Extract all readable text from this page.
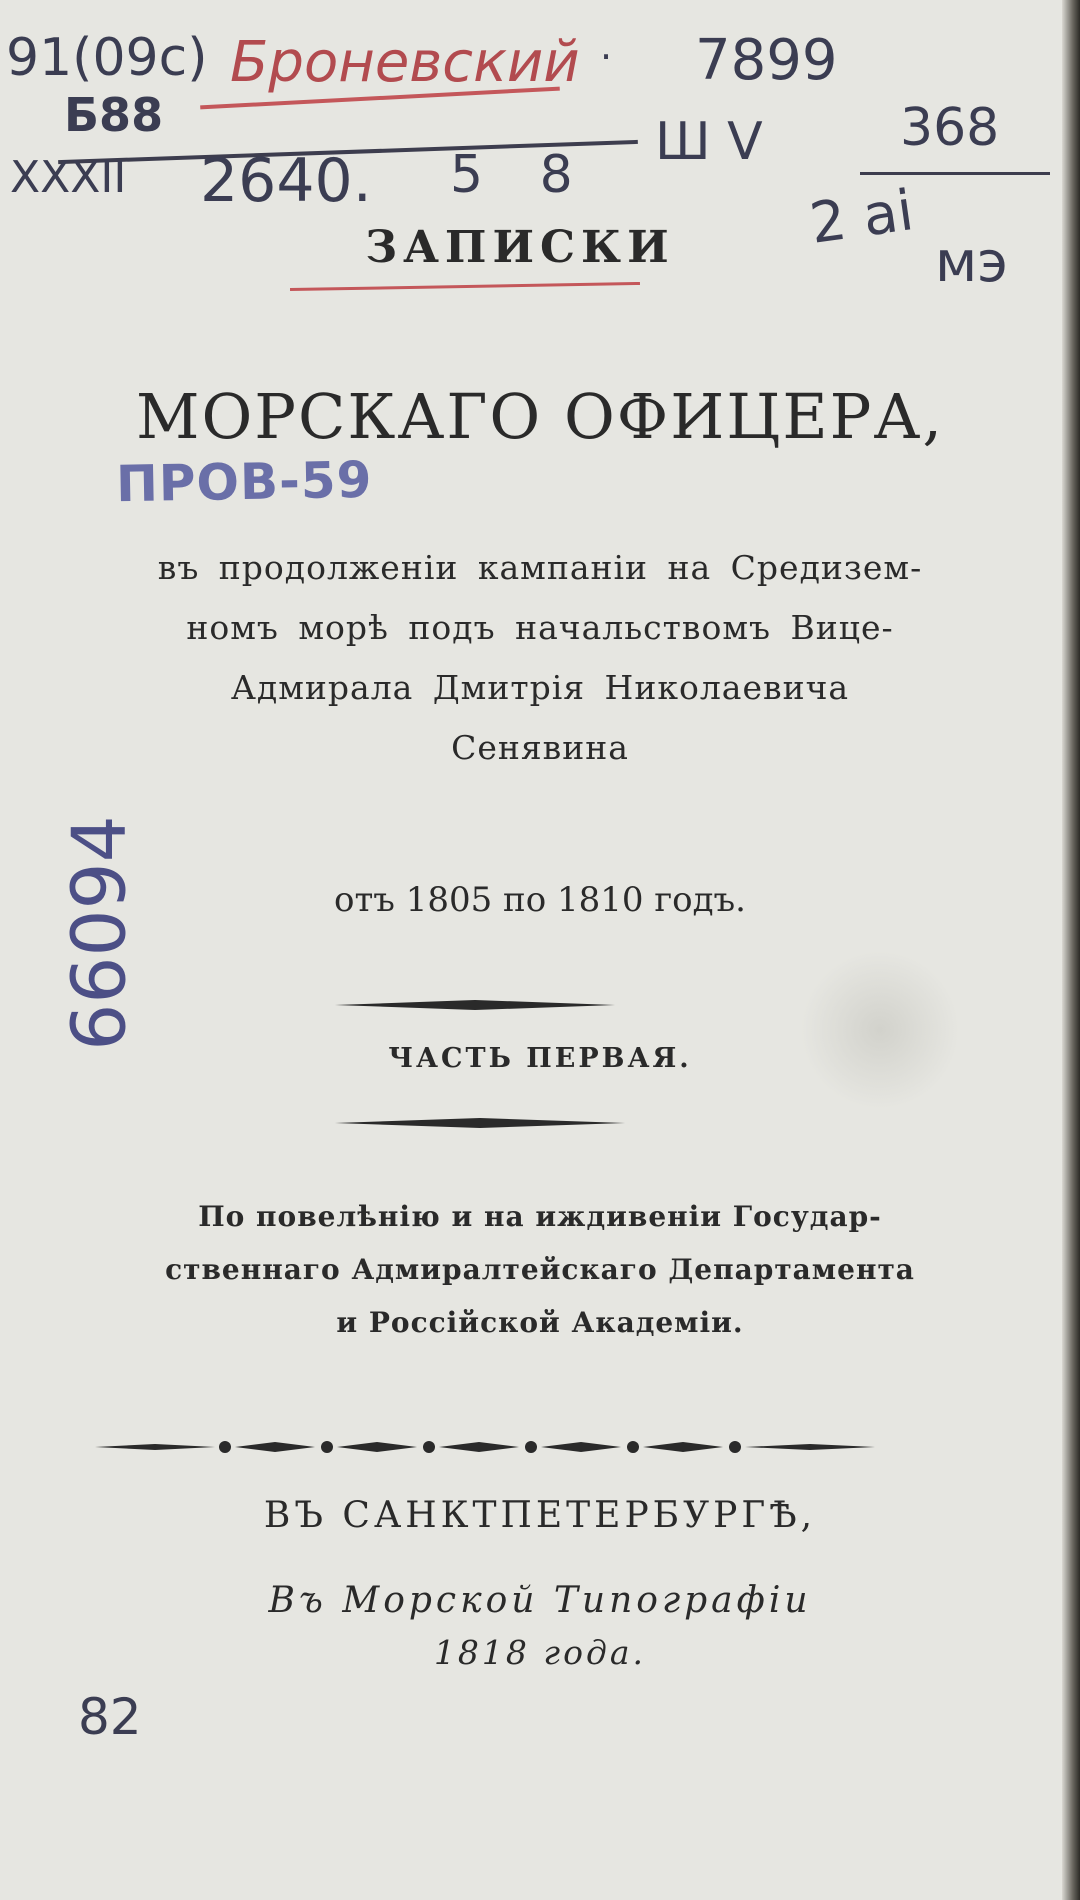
91(09с) Броневский . 7899
Б88
XXXII 2640. 5 8
Ш V	368
2 ai
мэ
ПРОВ-59
66094
82
ЗАПИСКИ
МОРСКАГО ОФИЦЕРА,
въ продолженіи кампаніи на Средизем-
номъ морѣ подъ начальствомъ Вице-
Адмирала Дмитрія Николаевича
Сенявина
отъ 1805 по 1810 годъ.
ЧАСТЬ ПЕРВАЯ.
По повелѣнію и на иждивеніи Государ-
ственнаго Адмиралтейскаго Департамента
и Россійской Академіи.
ВЪ САНКТПЕТЕРБУРГѢ,
Въ Морской Типографіи
1818 года.
